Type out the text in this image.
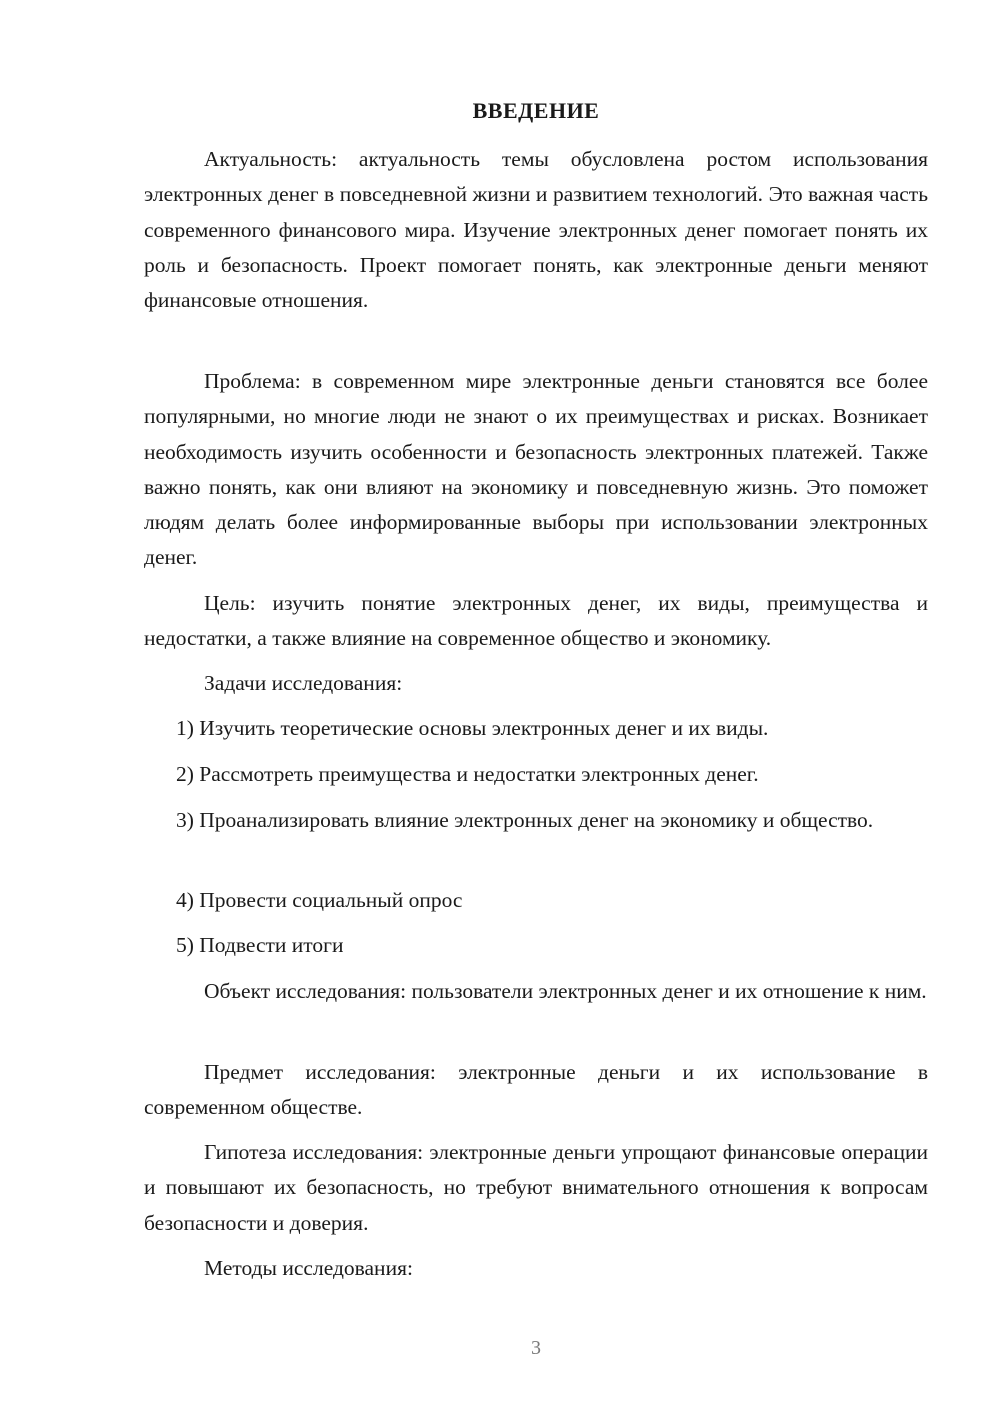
ВВЕДЕНИЕ

Актуальность: актуальность темы обусловлена ростом использования электронных денег в повседневной жизни и развитием технологий. Это важная часть современного финансового мира. Изучение электронных денег помогает понять их роль и безопасность. Проект помогает понять, как электронные деньги меняют финансовые отношения.

Проблема: в современном мире электронные деньги становятся все более популярными, но многие люди не знают о их преимуществах и рисках. Возникает необходимость изучить особенности и безопасность электронных платежей. Также важно понять, как они влияют на экономику и повседневную жизнь. Это поможет людям делать более информированные выборы при использовании электронных денег.

Цель: изучить понятие электронных денег, их виды, преимущества и недостатки, а также влияние на современное общество и экономику.

Задачи исследования:

1) Изучить теоретические основы электронных денег и их виды.

2) Рассмотреть преимущества и недостатки электронных денег.

3) Проанализировать влияние электронных денег на экономику и общество.

4) Провести социальный опрос

5) Подвести итоги

Объект исследования: пользователи электронных денег и их отношение к ним.

Предмет исследования: электронные деньги и их использование в современном обществе.

Гипотеза исследования: электронные деньги упрощают финансовые операции и повышают их безопасность, но требуют внимательного отношения к вопросам безопасности и доверия.

Методы исследования:

3
